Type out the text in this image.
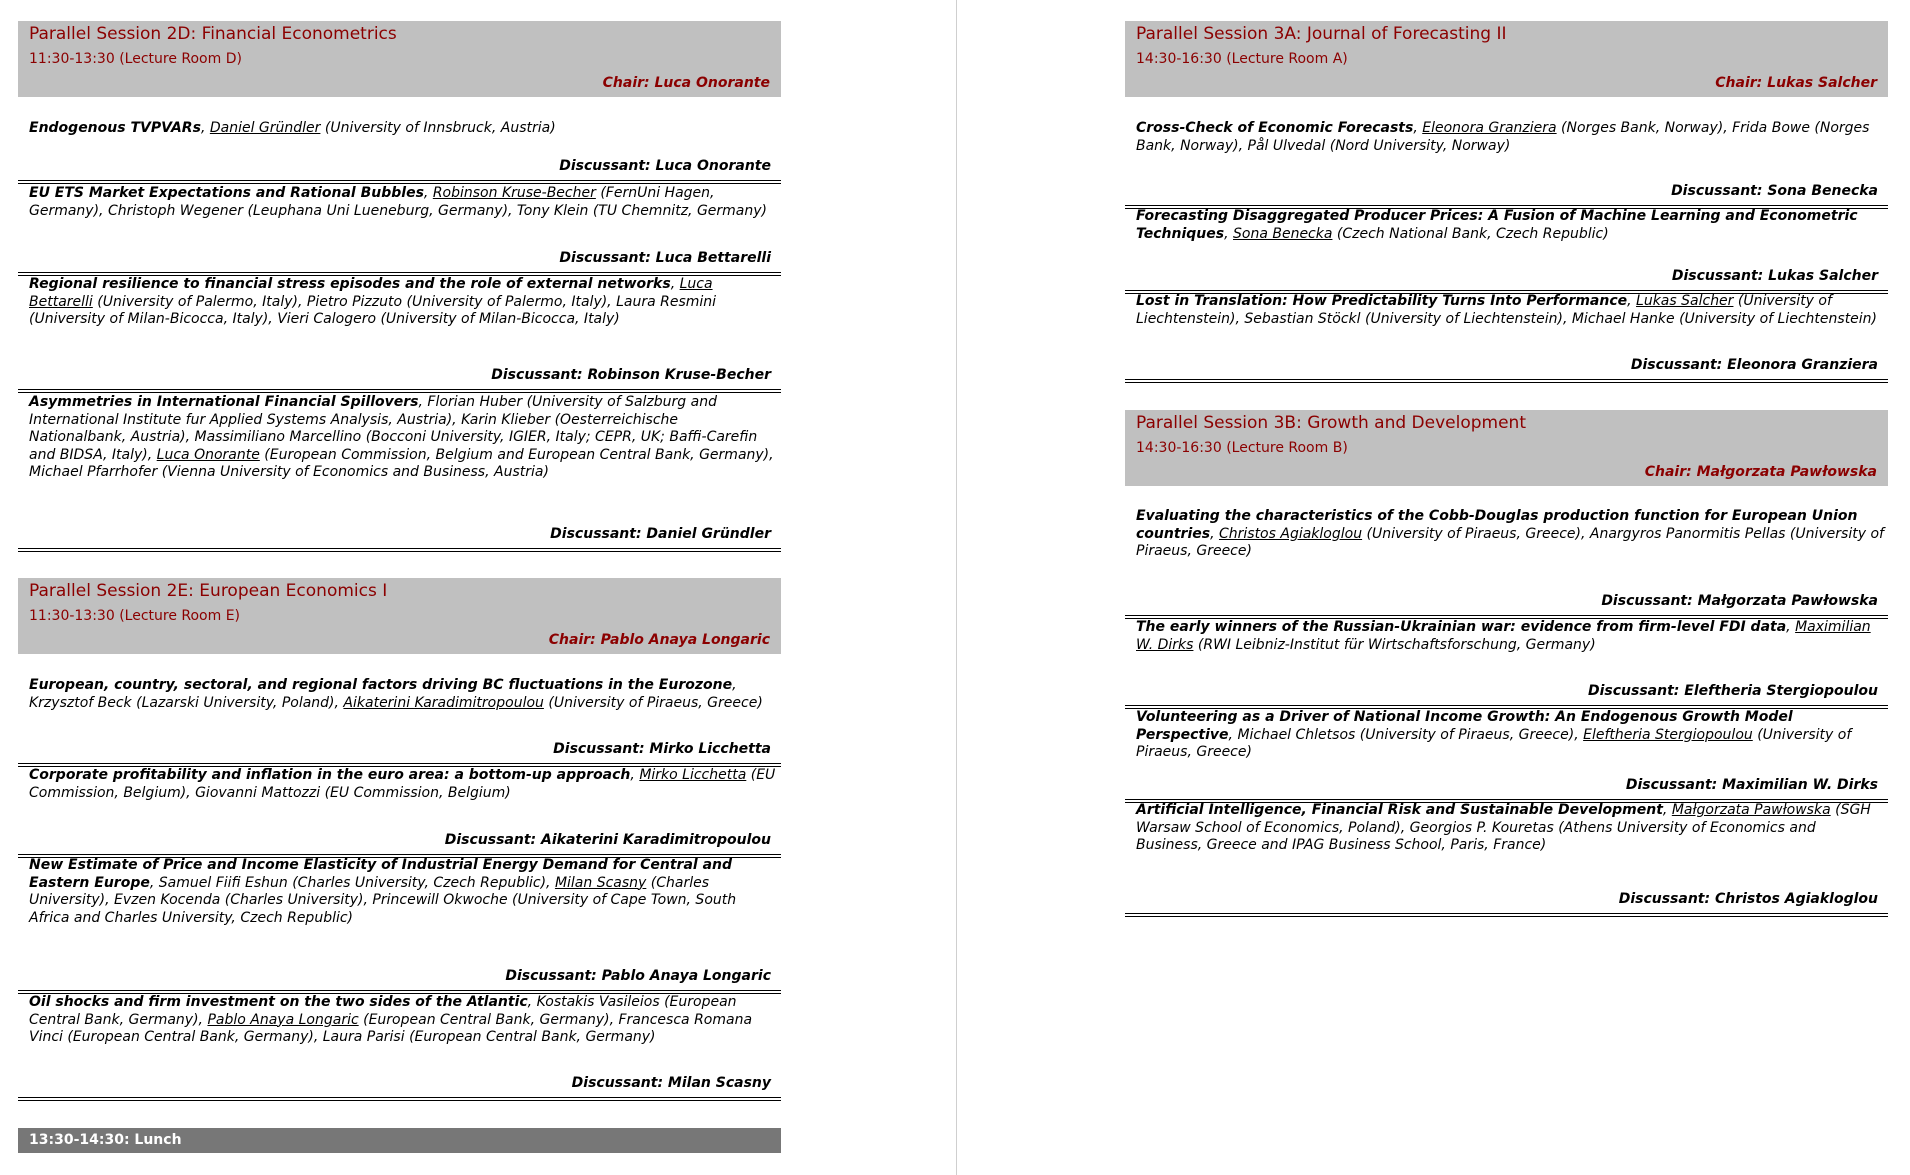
Parallel Session 2D: Financial Econometrics
11:30-13:30 (Lecture Room D)
Chair: Luca Onorante
Endogenous TVPVARs, Daniel Gründler (University of Innsbruck, Austria)
Discussant: Luca Onorante
EU ETS Market Expectations and Rational Bubbles, Robinson Kruse-Becher (FernUni Hagen, Germany), Christoph Wegener (Leuphana Uni Lueneburg, Germany), Tony Klein (TU Chemnitz, Germany)
Discussant: Luca Bettarelli
Regional resilience to financial stress episodes and the role of external networks, Luca Bettarelli (University of Palermo, Italy), Pietro Pizzuto (University of Palermo, Italy), Laura Resmini (University of Milan-Bicocca, Italy), Vieri Calogero (University of Milan-Bicocca, Italy)
Discussant: Robinson Kruse-Becher
Asymmetries in International Financial Spillovers, Florian Huber (University of Salzburg and International Institute fur Applied Systems Analysis, Austria), Karin Klieber (Oesterreichische Nationalbank, Austria), Massimiliano Marcellino (Bocconi University, IGIER, Italy; CEPR, UK; Baffi-Carefin and BIDSA, Italy), Luca Onorante (European Commission, Belgium and European Central Bank, Germany), Michael Pfarrhofer (Vienna University of Economics and Business, Austria)
Discussant: Daniel Gründler
Parallel Session 2E: European Economics I
11:30-13:30 (Lecture Room E)
Chair: Pablo Anaya Longaric
European, country, sectoral, and regional factors driving BC fluctuations in the Eurozone, Krzysztof Beck (Lazarski University, Poland), Aikaterini Karadimitropoulou (University of Piraeus, Greece)
Discussant: Mirko Licchetta
Corporate profitability and inflation in the euro area: a bottom-up approach, Mirko Licchetta (EU Commission, Belgium), Giovanni Mattozzi (EU Commission, Belgium)
Discussant: Aikaterini Karadimitropoulou
New Estimate of Price and Income Elasticity of Industrial Energy Demand for Central and Eastern Europe, Samuel Fiifi Eshun (Charles University, Czech Republic), Milan Scasny (Charles University), Evzen Kocenda (Charles University), Princewill Okwoche (University of Cape Town, South Africa and Charles University, Czech Republic)
Discussant: Pablo Anaya Longaric
Oil shocks and firm investment on the two sides of the Atlantic, Kostakis Vasileios (European Central Bank, Germany), Pablo Anaya Longaric (European Central Bank, Germany), Francesca Romana Vinci (European Central Bank, Germany), Laura Parisi (European Central Bank, Germany)
Discussant: Milan Scasny
13:30-14:30: Lunch
Parallel Session 3A: Journal of Forecasting II
14:30-16:30 (Lecture Room A)
Chair: Lukas Salcher
Cross-Check of Economic Forecasts, Eleonora Granziera (Norges Bank, Norway), Frida Bowe (Norges Bank, Norway), Pål Ulvedal (Nord University, Norway)
Discussant: Sona Benecka
Forecasting Disaggregated Producer Prices: A Fusion of Machine Learning and Econometric Techniques, Sona Benecka (Czech National Bank, Czech Republic)
Discussant: Lukas Salcher
Lost in Translation: How Predictability Turns Into Performance, Lukas Salcher (University of Liechtenstein), Sebastian Stöckl (University of Liechtenstein), Michael Hanke (University of Liechtenstein)
Discussant: Eleonora Granziera
Parallel Session 3B: Growth and Development
14:30-16:30 (Lecture Room B)
Chair: Małgorzata Pawłowska
Evaluating the characteristics of the Cobb-Douglas production function for European Union countries, Christos Agiakloglou (University of Piraeus, Greece), Anargyros Panormitis Pellas (University of Piraeus, Greece)
Discussant: Małgorzata Pawłowska
The early winners of the Russian-Ukrainian war: evidence from firm-level FDI data, Maximilian W. Dirks (RWI Leibniz-Institut für Wirtschaftsforschung, Germany)
Discussant: Eleftheria Stergiopoulou
Volunteering as a Driver of National Income Growth: An Endogenous Growth Model Perspective, Michael Chletsos (University of Piraeus, Greece), Eleftheria Stergiopoulou (University of Piraeus, Greece)
Discussant: Maximilian W. Dirks
Artificial Intelligence, Financial Risk and Sustainable Development, Małgorzata Pawłowska (SGH Warsaw School of Economics, Poland), Georgios P. Kouretas (Athens University of Economics and Business, Greece and IPAG Business School, Paris, France)
Discussant: Christos Agiakloglou
